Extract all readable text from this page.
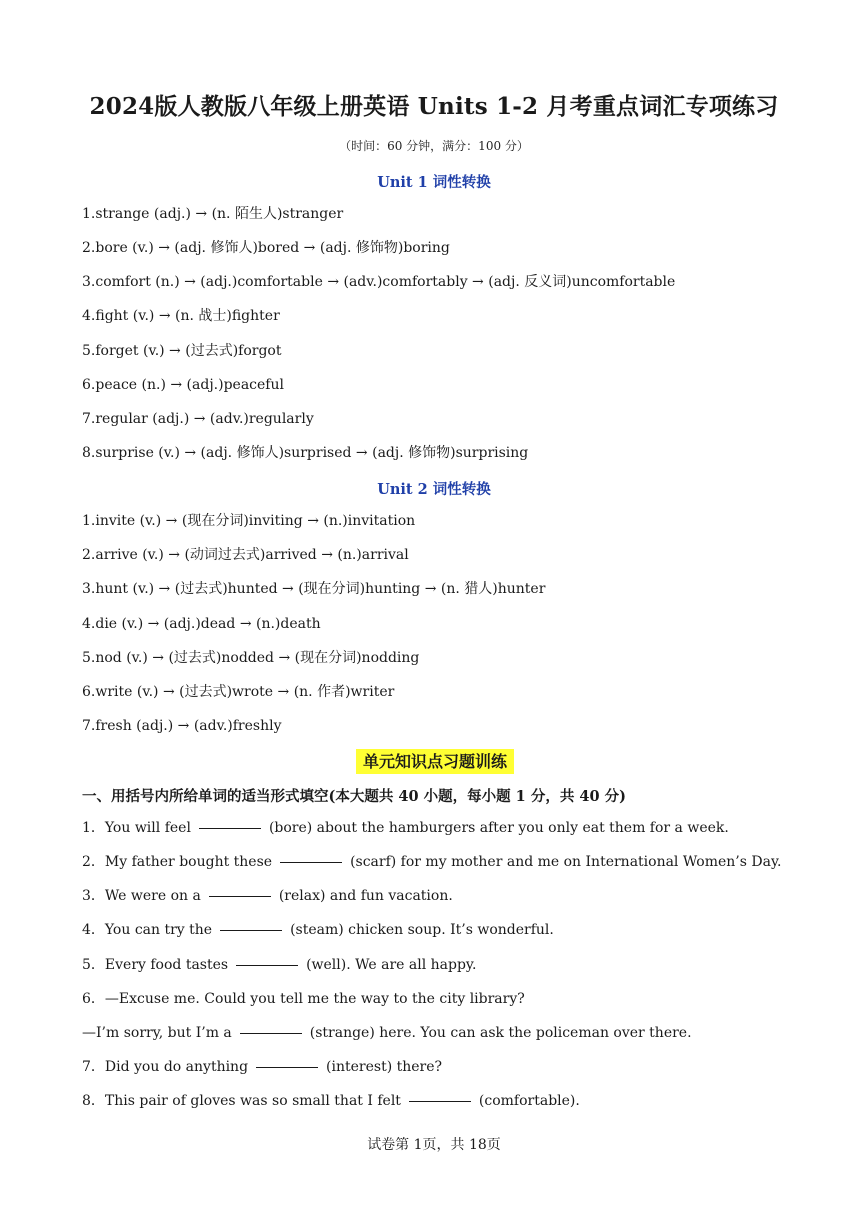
2024版人教版八年级上册英语 Units 1-2 月考重点词汇专项练习
（时间：60 分钟，满分：100 分）
Unit 1 词性转换
1.strange (adj.) → (n. 陌生人)stranger
2.bore (v.) → (adj. 修饰人)bored → (adj. 修饰物)boring
3.comfort (n.) → (adj.)comfortable → (adv.)comfortably → (adj. 反义词)uncomfortable
4.fight (v.) → (n. 战士)fighter
5.forget (v.) → (过去式)forgot
6.peace (n.) → (adj.)peaceful
7.regular (adj.) → (adv.)regularly
8.surprise (v.) → (adj. 修饰人)surprised → (adj. 修饰物)surprising
Unit 2 词性转换
1.invite (v.) → (现在分词)inviting → (n.)invitation
2.arrive (v.) → (动词过去式)arrived → (n.)arrival
3.hunt (v.) → (过去式)hunted → (现在分词)hunting → (n. 猎人)hunter
4.die (v.) → (adj.)dead → (n.)death
5.nod (v.) → (过去式)nodded → (现在分词)nodding
6.write (v.) → (过去式)wrote → (n. 作者)writer
7.fresh (adj.) → (adv.)freshly
单元知识点习题训练
一、用括号内所给单词的适当形式填空(本大题共 40 小题，每小题 1 分，共 40 分)
1．You will feel	(bore) about the hamburgers after you only eat them for a week.
2．My father bought these	(scarf) for my mother and me on International Women’s Day.
3．We were on a	(relax) and fun vacation.
4．You can try the	(steam) chicken soup. It’s wonderful.
5．Every food tastes	(well). We are all happy.
6．—Excuse me. Could you tell me the way to the city library?
—I’m sorry, but I’m a	(strange) here. You can ask the policeman over there.
7．Did you do anything	(interest) there?
8．This pair of gloves was so small that I felt	(comfortable).
试卷第 1页，共 18页
